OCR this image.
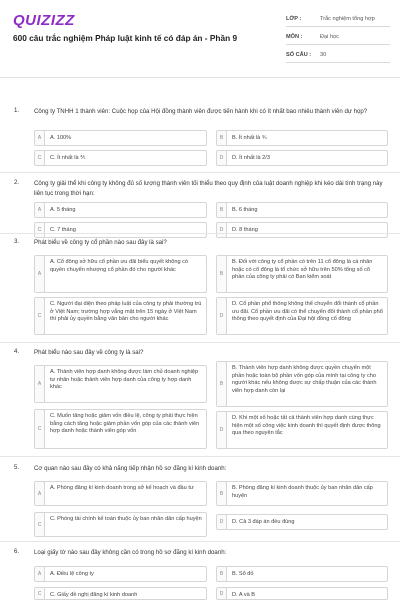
QUIZIZZ
600 câu trắc nghiệm Pháp luật kinh tế có đáp án - Phần 9
LỚP :	Trắc nghiệm tổng hợp
MÔN :	Đại học
SỐ CÂU :	30
1. Công ty TNHH 1 thành viên: Cuộc họp của Hội đồng thành viên được tiến hành khi có ít nhất bao nhiêu thành viên dự họp?
A	A. 100%	B	B. Ít nhất là ¾
C	C. Ít nhất là ⅘	D	D. Ít nhất là 2/3
2. Công ty giải thể khi công ty không đủ số lượng thành viên tối thiểu theo quy định của luật doanh nghiệp khi kéo dài tình trạng này liên tục trong thời hạn:
A	A. 5 tháng	B	B. 6 tháng
C	C. 7 tháng	D	D. 8 tháng
3. Phát biểu về công ty cổ phần nào sau đây là sai?
A
A. Cổ đông sở hữu cổ phần ưu đãi biểu quyết không có quyền chuyển nhượng cổ phần đó cho người khác
B
B. Đối với công ty cổ phần có trên 11 cổ đông là cá nhân hoặc có cổ đông là tổ chức sở hữu trên 50% tổng số cổ phần của công ty phải có Ban kiểm soát
C
C. Người đại diện theo pháp luật của công ty phải thường trú ở Việt Nam; trường hợp vắng mặt trên 15 ngày ở Việt Nam thì phải ủy quyền bằng văn bản cho người khác
D
D. Cổ phần phổ thông không thể chuyển đổi thành cổ phần ưu đãi. Cổ phần ưu đãi có thể chuyển đổi thành cổ phần phổ thông theo quyết định của Đại hội đồng cổ đông
4. Phát biểu nào sau đây về công ty là sai?
A
A. Thành viên hợp danh không được làm chủ doanh nghiệp tư nhân hoặc thành viên hợp danh của công ty hợp danh khác
B
B. Thành viên hợp danh không được quyền chuyển một phần hoặc toàn bộ phần vốn góp của mình tại công ty cho người khác nếu không được sự chấp thuận của các thành viên hợp danh còn lại
C
C. Muốn tăng hoặc giảm vốn điều lệ, công ty phải thực hiện bằng cách tăng hoặc giảm phần vốn góp của các thành viên hợp danh hoặc thành viên góp vốn	D
D. Khi một số hoặc tất cả thành viên hợp danh cùng thực hiện một số công việc kinh doanh thì quyết định được thông qua theo nguyên tắc
5. Cơ quan nào sau đây có khả năng tiếp nhận hồ sơ đăng kí kinh doanh:
A
A. Phòng đăng kí kinh doanh trong sở kế hoạch và đầu tư
B
B. Phòng đăng kí kinh doanh thuộc ủy ban nhân dân cấp huyện
C
C. Phòng tài chính kế toán thuộc ủy ban nhân dân cấp huyện	D	D. Cả 3 đáp án đều đúng
6. Loại giấy tờ nào sau đây không cần có trong hồ sơ đăng kí kinh doanh:
A	A. Điều lệ công ty	B	B. Sổ đỏ
C	C. Giấy đề nghị đăng kí kinh doanh	D	D. A và B
